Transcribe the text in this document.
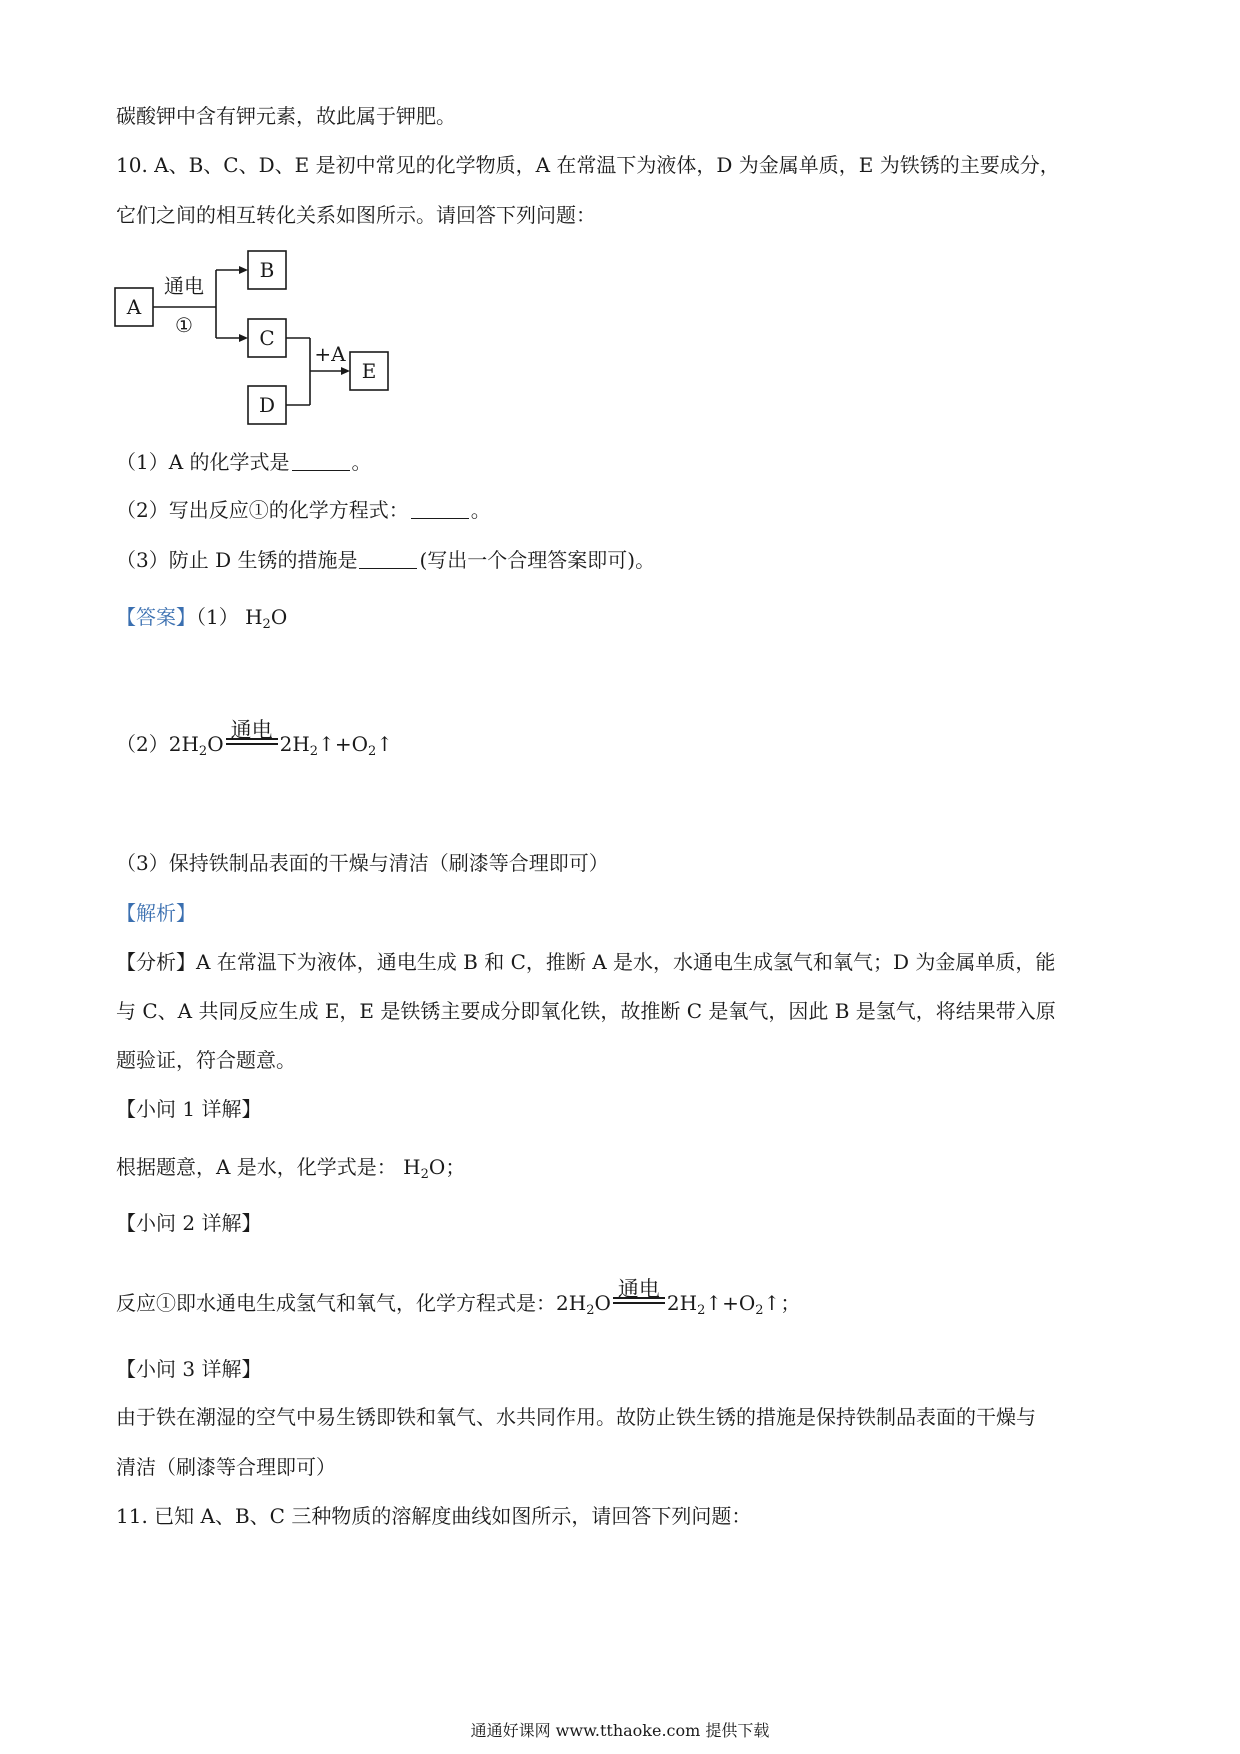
碳酸钾中含有钾元素，故此属于钾肥。
10. A、B、C、D、E 是初中常见的化学物质，A 在常温下为液体，D 为金属单质，E 为铁锈的主要成分，
它们之间的相互转化关系如图所示。请回答下列问题：
A
B
C
D
E
通电
①
+A
（1）A 的化学式是	。
（2）写出反应①的化学方程式：	。
（3）防止 D 生锈的措施是	(写出一个合理答案即可)。
【答案】（1） $H_2O$
$(2)2H_2O$
通电
$2H_2↑+O_2↑$
（3）保持铁制品表面的干燥与清洁（刷漆等合理即可）
【解析】
【分析】A 在常温下为液体，通电生成 B 和 C，推断 A 是水，水通电生成氢气和氧气；D 为金属单质，能
与 C、A 共同反应生成 E，E 是铁锈主要成分即氧化铁，故推断 C 是氧气，因此 B 是氢气，将结果带入原
题验证，符合题意。
【小问 1 详解】
根据题意，A 是水，化学式是： $H_2O$；
【小问 2 详解】
反应①即水通电生成氢气和氧气，化学方程式是：$2H_2O$
通电
$2H_2↑+O_2↑$；
【小问 3 详解】
由于铁在潮湿的空气中易生锈即铁和氧气、水共同作用。故防止铁生锈的措施是保持铁制品表面的干燥与
清洁（刷漆等合理即可）
11. 已知 A、B、C 三种物质的溶解度曲线如图所示，请回答下列问题：
通通好课网 www.tthaoke.com 提供下载
